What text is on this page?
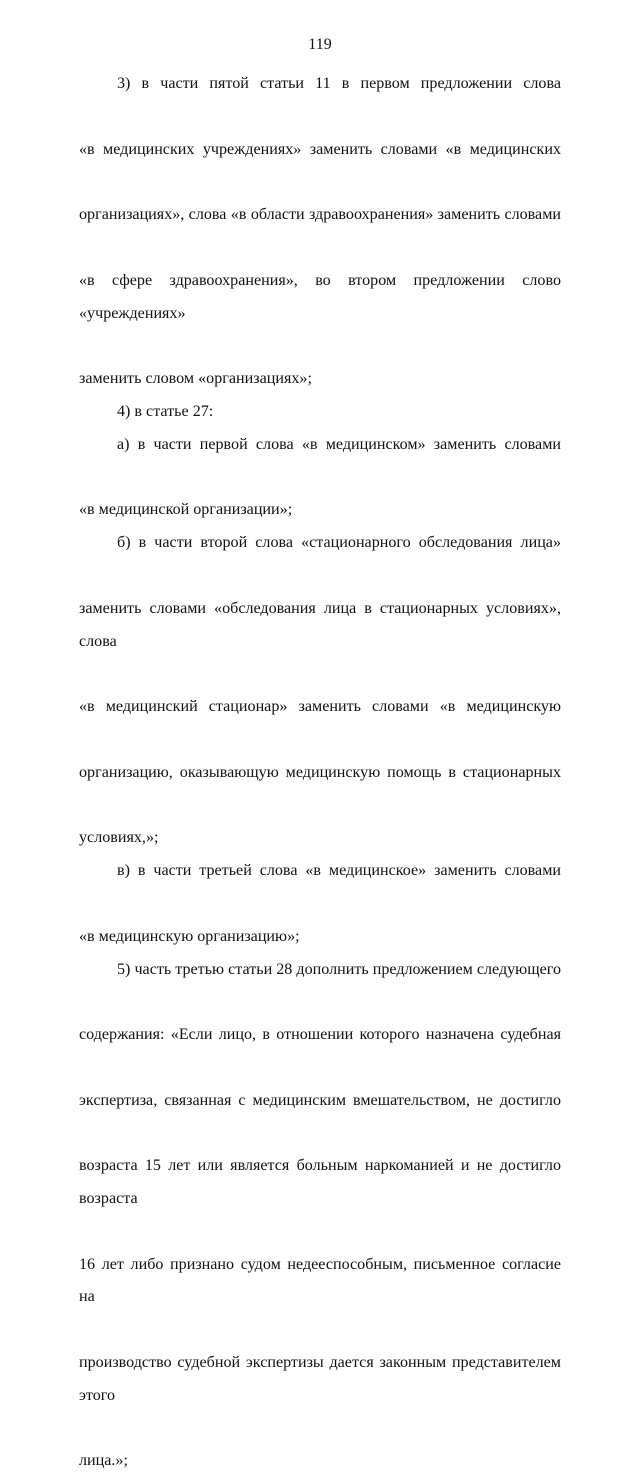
119
3) в части пятой статьи 11 в первом предложении слова
«в медицинских учреждениях» заменить словами «в медицинских
организациях», слова «в области здравоохранения» заменить словами
«в сфере здравоохранения», во втором предложении слово «учреждениях»
заменить словом «организациях»;
4) в статье 27:
а) в части первой слова «в медицинском» заменить словами
«в медицинской организации»;
б) в части второй слова «стационарного обследования лица»
заменить словами «обследования лица в стационарных условиях», слова
«в медицинский стационар» заменить словами «в медицинскую
организацию, оказывающую медицинскую помощь в стационарных
условиях,»;
в) в части третьей слова «в медицинское» заменить словами
«в медицинскую организацию»;
5) часть третью статьи 28 дополнить предложением следующего
содержания: «Если лицо, в отношении которого назначена судебная
экспертиза, связанная с медицинским вмешательством, не достигло
возраста 15 лет или является больным наркоманией и не достигло возраста
16 лет либо признано судом недееспособным, письменное согласие на
производство судебной экспертизы дается законным представителем этого
лица.»;
